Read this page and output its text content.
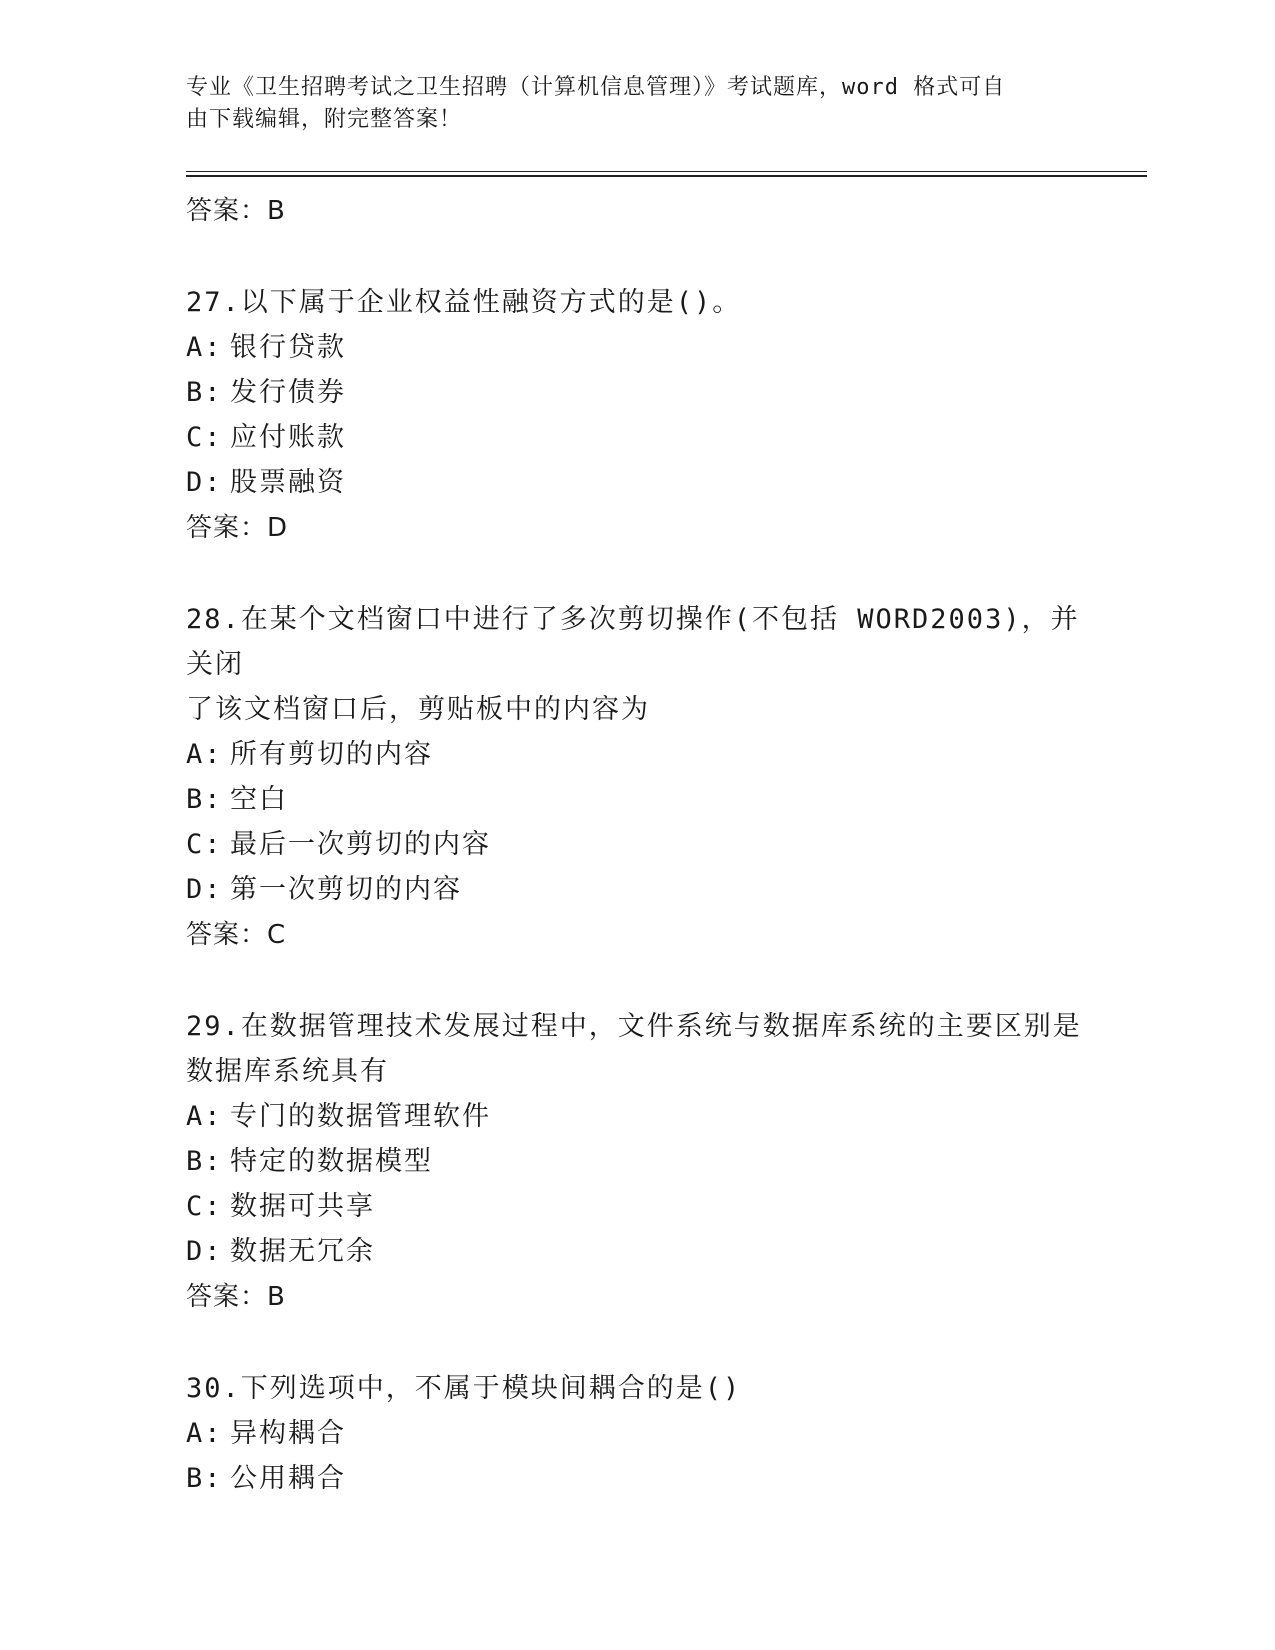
专业《卫生招聘考试之卫生招聘（计算机信息管理）》考试题库，word 格式可自
由下载编辑，附完整答案！
答案：B
27.以下属于企业权益性融资方式的是()。
A: 银行贷款
B: 发行债券
C: 应付账款
D: 股票融资
答案：D
28.在某个文档窗口中进行了多次剪切操作(不包括 WORD2003)，并关闭
了该文档窗口后，剪贴板中的内容为
A: 所有剪切的内容
B: 空白
C: 最后一次剪切的内容
D: 第一次剪切的内容
答案：C
29.在数据管理技术发展过程中，文件系统与数据库系统的主要区别是
数据库系统具有
A: 专门的数据管理软件
B: 特定的数据模型
C: 数据可共享
D: 数据无冗余
答案：B
30.下列选项中，不属于模块间耦合的是()
A: 异构耦合
B: 公用耦合
